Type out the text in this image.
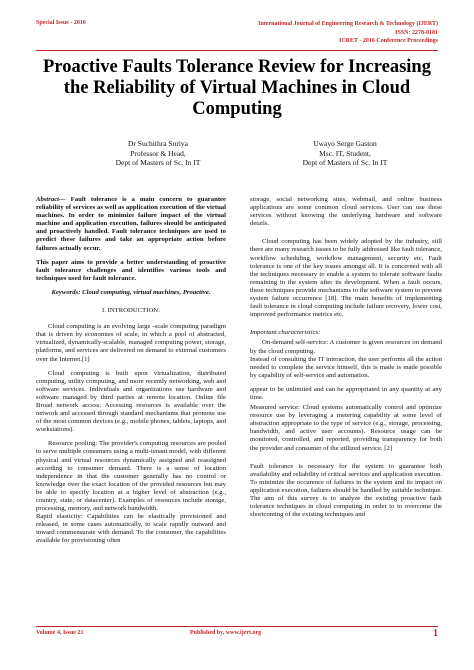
Special Issue - 2016	International Journal of Engineering Research & Technology (IJERT)
ISSN: 2278-0181
ICRET - 2016 Conference Proceedings
Proactive Faults Tolerance Review for Increasing the Reliability of Virtual Machines in Cloud Computing
Dr Suchithra Suriya
Professor & Head,
Dept of Masters of Sc. In IT
Uwayo Serge Gaston
Msc. IT, Student,
Dept of Masters of Sc. In IT

Abstract— Fault tolerance is a main concern to guarantee reliability of services as well as application execution of the virtual machines. In order to minimize failure impact of the virtual machine and application execution, failures should be anticipated and proactively handled. Fault tolerance techniques are used to predict these failures and take an appropriate action before failures actually occur.

This paper aims to provide a better understanding of proactive fault tolerance challenges and identifies various tools and techniques used for fault tolerance.

Keywords: Cloud computing, virtual machines, Proactive.

I. INTRODUCTION:

Cloud computing is an evolving large -scale computing paradigm that is driven by economies of scale, in which a pool of abstracted, virtualized, dynamically-scalable, managed computing power, storage, platforms, and services are delivered on demand to external customers over the Internet.[1]

Cloud computing is built upon virtualization, distributed computing, utility computing, and more recently networking, web and software services. Individuals and organizations use hardware and software managed by third parties at remote location. Online file Broad network access: Accessing resources is available over the network and accessed through standard mechanisms that promote use of the most common devices (e.g., mobile phones, tablets, laptops, and workstations).

Resource pooling: The provider's computing resources are pooled to serve multiple consumers using a multi-tenant model, with different physical and virtual resources dynamically assigned and reassigned according to consumer demand. There is a sense of location independence in that the customer generally has no control or knowledge over the exact location of the provided resources but may be able to specify location at a higher level of abstraction (e.g., country, state, or datacenter). Examples of resources include storage, processing, memory, and network bandwidth.

Rapid elasticity: Capabilities can be elastically provisioned and released, in some cases automatically, to scale rapidly outward and inward commensurate with demand. To the consumer, the capabilities available for provisioning often

storage, social networking sites, webmail, and online business applications are some common cloud services. User can use these services without knowing the underlying hardware and software details.

Cloud computing has been widely adopted by the industry, still there are many research issues to be fully addressed like fault tolerance, workflow scheduling, workflow management, security etc. Fault tolerance is one of the key issues amongst all. It is concerned with all the techniques necessary to enable a system to tolerate software faults remaining in the system after its development. When a fault occurs, these techniques provide mechanisms to the software system to prevent system failure occurrence [18]. The main benefits of implementing fault tolerance in cloud computing include failure recovery, lower cost, improved performance metrics etc.

Important characteristics:

On-demand self-service: A customer is given resources on demand by the cloud computing.

Instead of consulting the IT interaction, the user performs all the action needed to complete the service himself, this is made is made possible by capability of self-service and automation.

appear to be unlimited and can be appropriated in any quantity at any time.

Measured service: Cloud systems automatically control and optimize resource use by leveraging a metering capability at some level of abstraction appropriate to the type of service (e.g., storage, processing, bandwidth, and active user accounts). Resource usage can be monitored, controlled, and reported, providing transparency for both the provider and consumer of the utilized service. [2]

Fault tolerance is necessary for the system to guarantee both availability and reliability of critical services and application execution. To minimize the occurence of failures in the system and its impact on application execution, failures should be handled by suitable technique. The aim of this survey is to analyze the existing proactive fault tolerance techniques in cloud computing in order to to overcome the shortcoming of the existing techniques and

Volume 4, Issue 21	Published by, www.ijert.org	1
